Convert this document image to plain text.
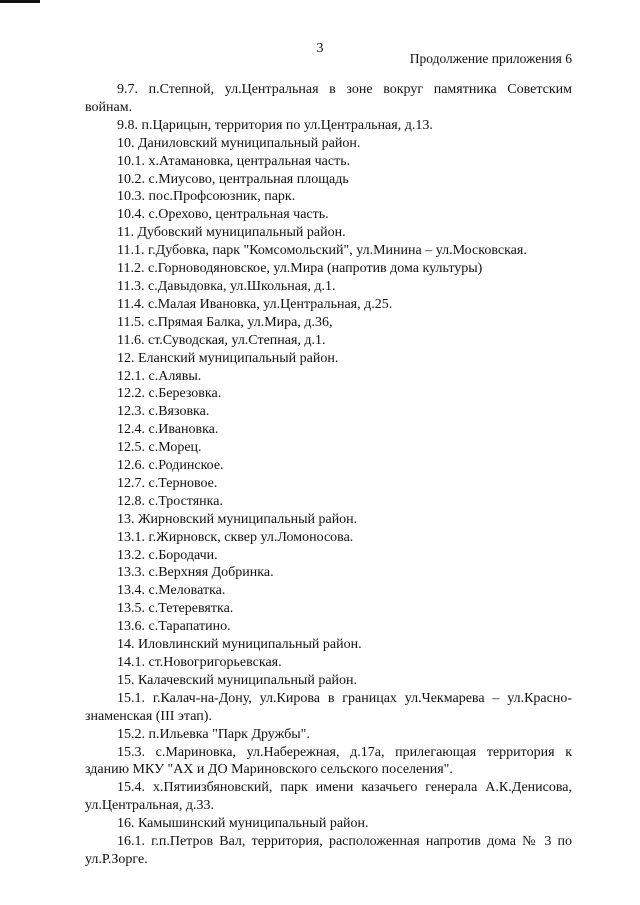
3
Продолжение приложения 6

9.7. п.Степной, ул.Центральная в зоне вокруг памятника Советским войнам.

9.8. п.Царицын, территория по ул.Центральная, д.13.

10. Даниловский муниципальный район.

10.1. х.Атамановка, центральная часть.

10.2. с.Миусово, центральная площадь

10.3. пос.Профсоюзник, парк.

10.4. с.Орехово, центральная часть.

11. Дубовский муниципальный район.

11.1. г.Дубовка, парк "Комсомольский", ул.Минина – ул.Московская.

11.2. с.Горноводяновское, ул.Мира (напротив дома культуры)

11.3. с.Давыдовка, ул.Школьная, д.1.

11.4. с.Малая Ивановка, ул.Центральная, д.25.

11.5. с.Прямая Балка, ул.Мира, д.36,

11.6. ст.Суводская, ул.Степная, д.1.

12. Еланский муниципальный район.

12.1. с.Алявы.

12.2. с.Березовка.

12.3. с.Вязовка.

12.4. с.Ивановка.

12.5. с.Морец.

12.6. с.Родинское.

12.7. с.Терновое.

12.8. с.Тростянка.

13. Жирновский муниципальный район.

13.1. г.Жирновск, сквер ул.Ломоносова.

13.2. с.Бородачи.

13.3. с.Верхняя Добринка.

13.4. с.Меловатка.

13.5. с.Тетеревятка.

13.6. с.Тарапатино.

14. Иловлинский муниципальный район.

14.1. ст.Новогригорьевская.

15. Калачевский муниципальный район.

15.1. г.Калач-на-Дону, ул.Кирова в границах ул.Чекмарева – ул.Красно-знаменская (III этап).

15.2. п.Ильевка "Парк Дружбы".

15.3. с.Мариновка, ул.Набережная, д.17а, прилегающая территория к зданию МКУ "АХ и ДО Мариновского сельского поселения".

15.4. х.Пятиизбяновский, парк имени казачьего генерала А.К.Денисова, ул.Центральная, д.33.

16. Камышинский муниципальный район.

16.1. г.п.Петров Вал, территория, расположенная напротив дома № 3 по ул.Р.Зорге.
